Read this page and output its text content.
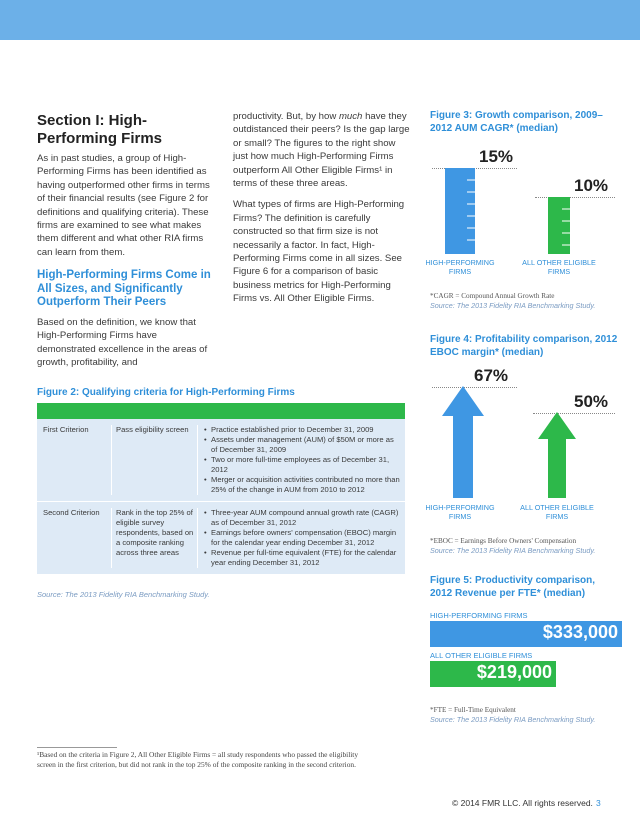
Section I: High-Performing Firms
As in past studies, a group of High-Performing Firms has been identified as having outperformed other firms in terms of their financial results (see Figure 2 for definitions and qualifying criteria). These firms are examined to see what makes them different and what other RIA firms can learn from them.
High-Performing Firms Come in All Sizes, and Significantly Outperform Their Peers
Based on the definition, we know that High-Performing Firms have demonstrated excellence in the areas of growth, profitability, and
productivity. But, by how much have they outdistanced their peers? Is the gap large or small? The figures to the right show just how much High-Performing Firms outperform All Other Eligible Firms¹ in terms of these three areas.
What types of firms are High-Performing Firms? The definition is carefully constructed so that firm size is not necessarily a factor. In fact, High-Performing Firms come in all sizes. See Figure 6 for a comparison of basic business metrics for High-Performing Firms vs. All Other Eligible Firms.
Figure 2: Qualifying criteria for High-Performing Firms
First Criterion	Pass eligibility screen
•	Practice established prior to December 31, 2009
• Assets under management (AUM) of $50M or more as of December 31, 2009
• Two or more full-time employees as of December 31, 2012
• Merger or acquisition activities contributed no more than 25% of the change in AUM from 2010 to 2012
Second Criterion	Rank in the top 25% of eligible survey respondents, based on a composite ranking across three areas
• Three-year AUM compound annual growth rate (CAGR) as of December 31, 2012
• Earnings before owners' compensation (EBOC) margin for the calendar year ending December 31, 2012
• Revenue per full-time equivalent (FTE) for the calendar year ending December 31, 2012
Source: The 2013 Fidelity RIA Benchmarking Study.
Figure 3: Growth comparison, 2009–2012 AUM CAGR* (median)
15%
10%
HIGH-PERFORMING FIRMS
ALL OTHER ELIGIBLE FIRMS
*CAGR = Compound Annual Growth Rate
Source: The 2013 Fidelity RIA Benchmarking Study.
Figure 4: Profitability comparison, 2012 EBOC margin* (median)
67%
50%
HIGH-PERFORMING FIRMS
ALL OTHER ELIGIBLE FIRMS
*EBOC = Earnings Before Owners' Compensation
Source: The 2013 Fidelity RIA Benchmarking Study.
Figure 5: Productivity comparison, 2012 Revenue per FTE* (median)
HIGH-PERFORMING FIRMS
$333,000
ALL OTHER ELIGIBLE FIRMS
$219,000
*FTE = Full-Time Equivalent
Source: The 2013 Fidelity RIA Benchmarking Study.
¹Based on the criteria in Figure 2, All Other Eligible Firms = all study respondents who passed the eligibility screen in the first criterion, but did not rank in the top 25% of the composite ranking in the second criterion.
© 2014 FMR LLC. All rights reserved. 3
